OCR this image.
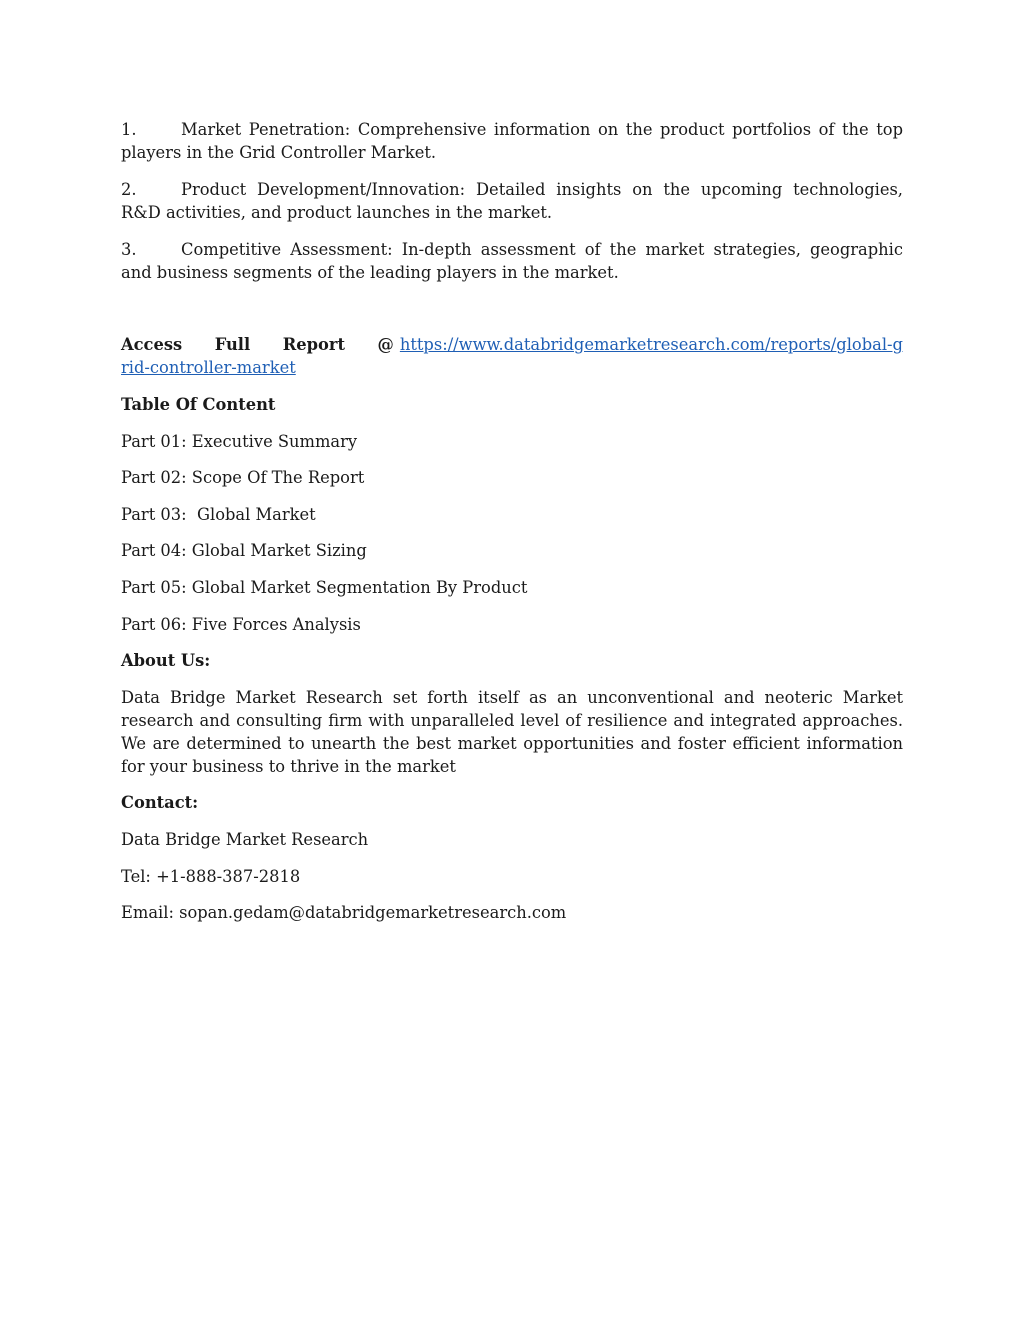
1.	Market Penetration: Comprehensive information on the product portfolios of the top players in the Grid Controller Market.
2.	Product Development/Innovation: Detailed insights on the upcoming technologies, R&D activities, and product launches in the market.
3.	Competitive Assessment: In-depth assessment of the market strategies, geographic and business segments of the leading players in the market.
Access Full Report @ https://www.databridgemarketresearch.com/reports/global-grid-controller-market
Table Of Content
Part 01: Executive Summary
Part 02: Scope Of The Report
Part 03:  Global Market
Part 04: Global Market Sizing
Part 05: Global Market Segmentation By Product
Part 06: Five Forces Analysis
About Us:
Data Bridge Market Research set forth itself as an unconventional and neoteric Market research and consulting firm with unparalleled level of resilience and integrated approaches. We are determined to unearth the best market opportunities and foster efficient information for your business to thrive in the market
Contact:
Data Bridge Market Research
Tel: +1-888-387-2818
Email: sopan.gedam@databridgemarketresearch.com
